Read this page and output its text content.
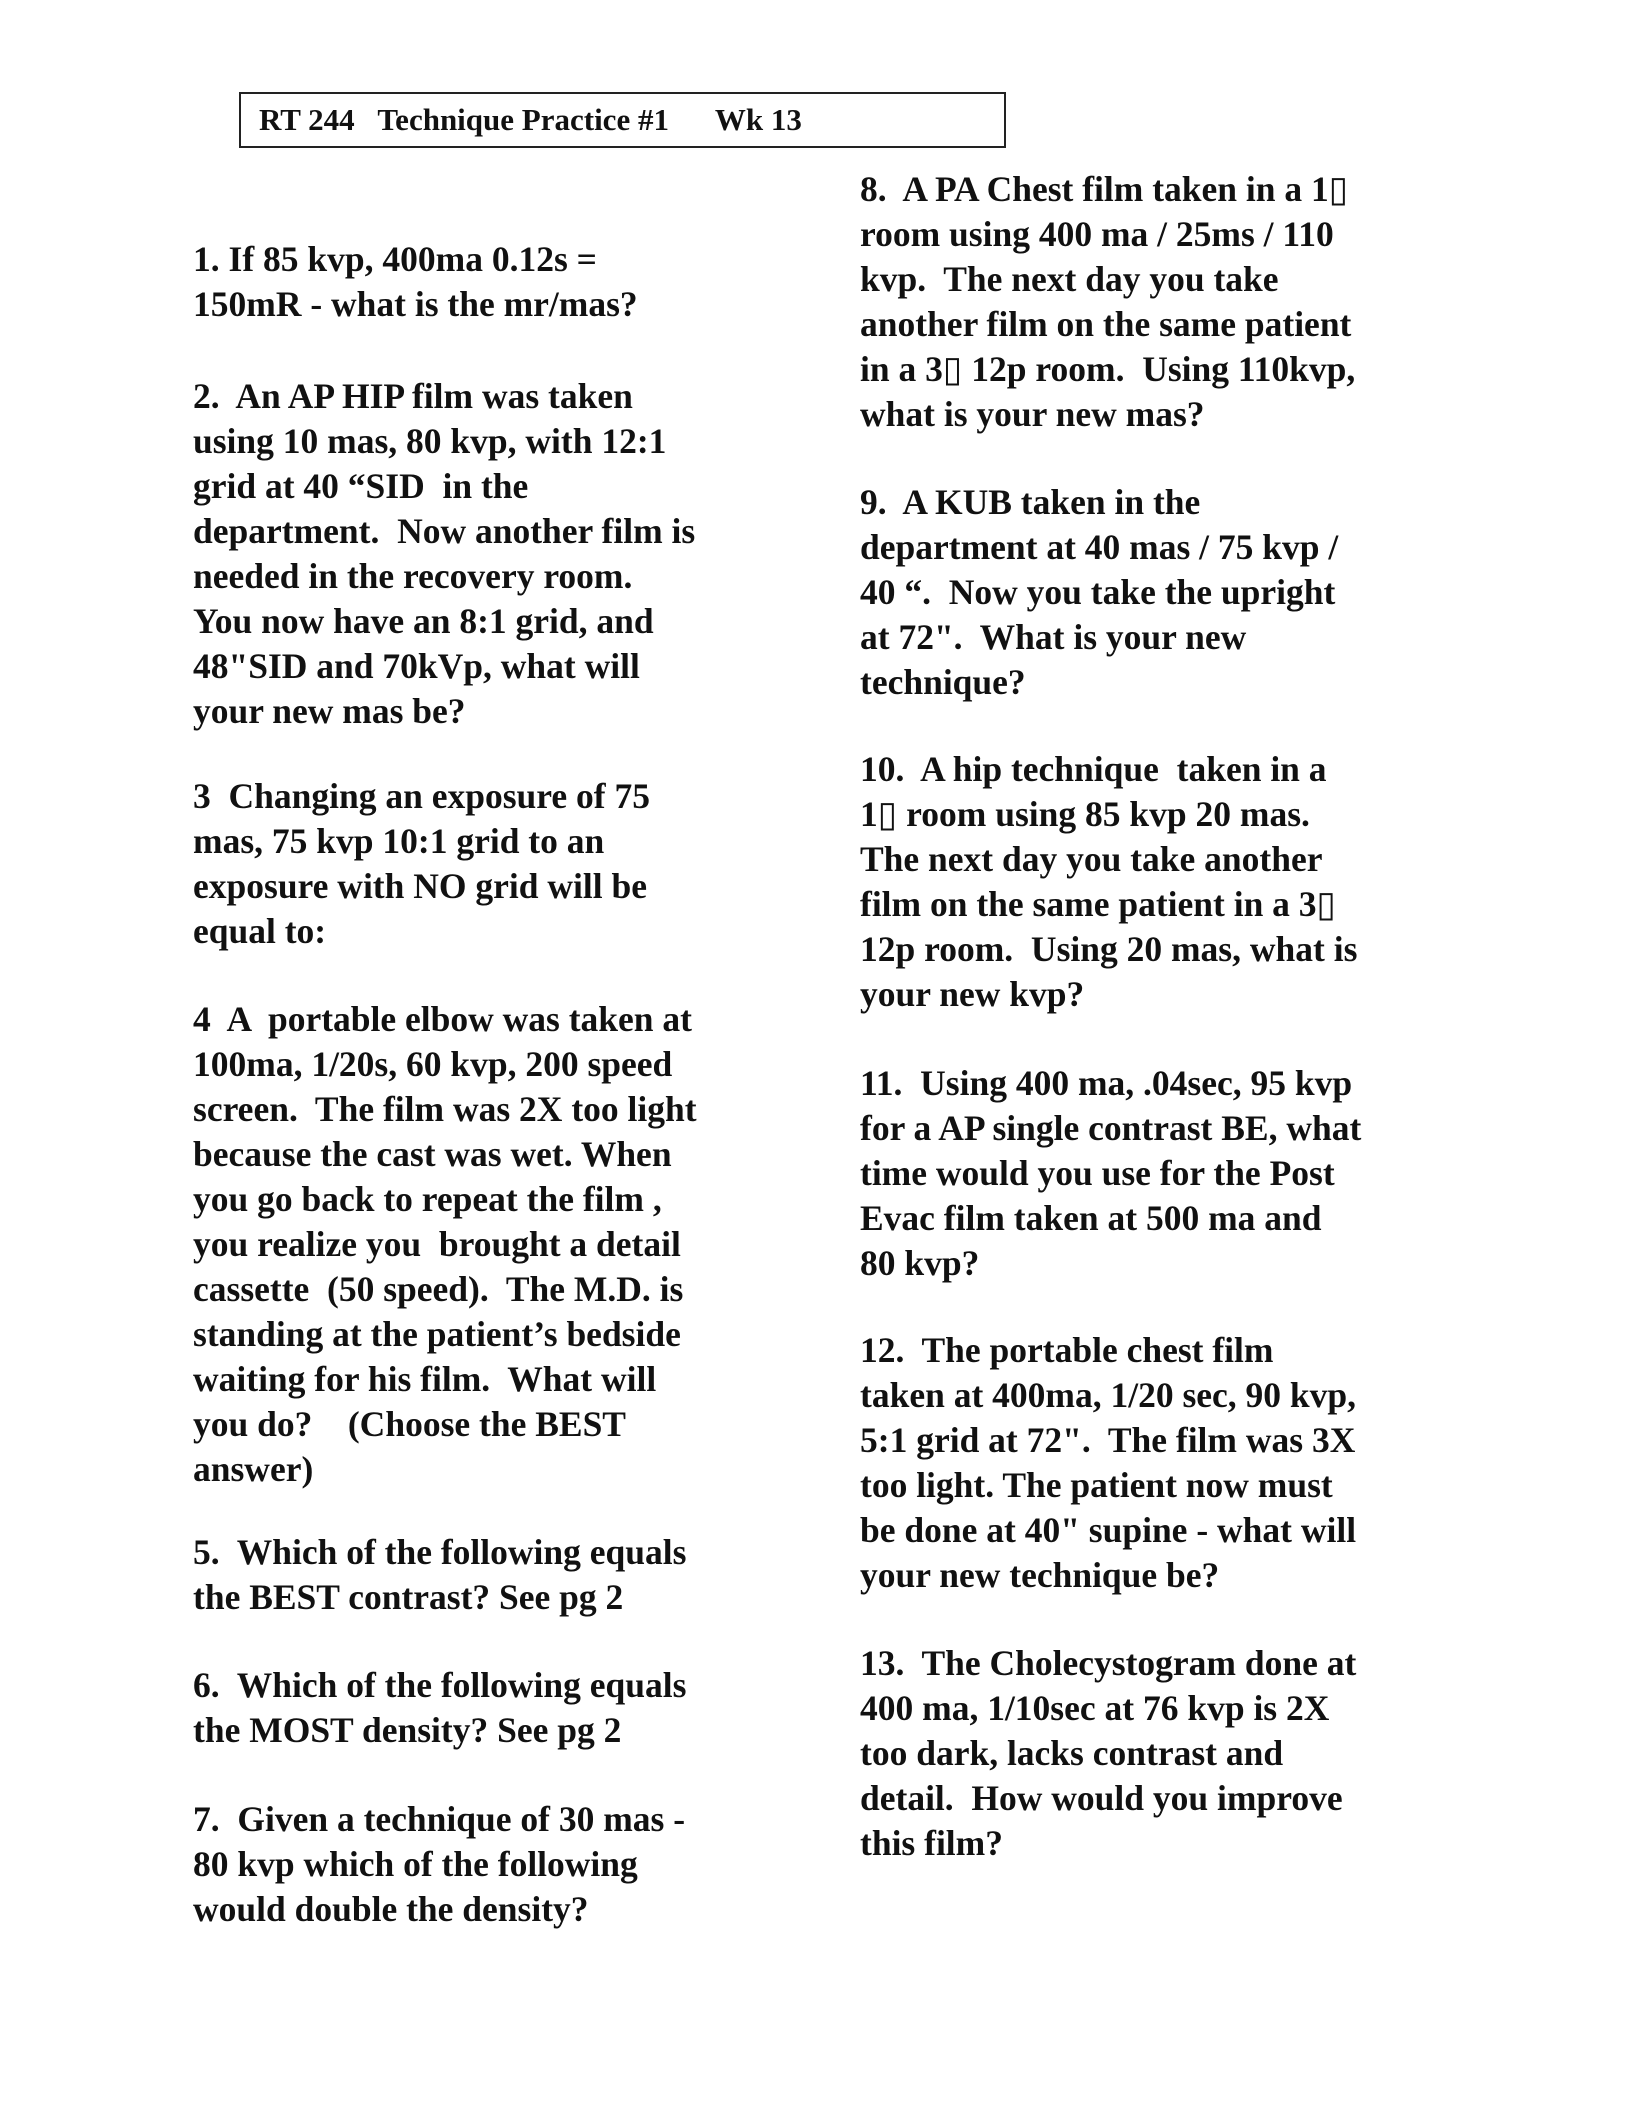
RT 244   Technique Practice #1      Wk 13
1. If 85 kvp, 400ma 0.12s =
150mR - what is the mr/mas?
2.  An AP HIP film was taken
using 10 mas, 80 kvp, with 12:1
grid at 40 “SID  in the
department.  Now another film is
needed in the recovery room.
You now have an 8:1 grid, and
48"SID and 70kVp, what will
your new mas be?
3  Changing an exposure of 75
mas, 75 kvp 10:1 grid to an
exposure with NO grid will be
equal to:
4  A  portable elbow was taken at
100ma, 1/20s, 60 kvp, 200 speed
screen.  The film was 2X too light
because the cast was wet. When
you go back to repeat the film ,
you realize you  brought a detail
cassette  (50 speed).  The M.D. is
standing at the patient’s bedside
waiting for his film.  What will
you do?    (Choose the BEST
answer)
5.  Which of the following equals
the BEST contrast? See pg 2
6.  Which of the following equals
the MOST density? See pg 2
7.  Given a technique of 30 mas -
80 kvp which of the following
would double the density?
8.  A PA Chest film taken in a 1▯
room using 400 ma / 25ms / 110
kvp.  The next day you take
another film on the same patient
in a 3▯ 12p room.  Using 110kvp,
what is your new mas?
9.  A KUB taken in the
department at 40 mas / 75 kvp /
40 “.  Now you take the upright
at 72".  What is your new
technique?
10.  A hip technique  taken in a
1▯ room using 85 kvp 20 mas.
The next day you take another
film on the same patient in a 3▯
12p room.  Using 20 mas, what is
your new kvp?
11.  Using 400 ma, .04sec, 95 kvp
for a AP single contrast BE, what
time would you use for the Post
Evac film taken at 500 ma and
80 kvp?
12.  The portable chest film
taken at 400ma, 1/20 sec, 90 kvp,
5:1 grid at 72".  The film was 3X
too light. The patient now must
be done at 40" supine - what will
your new technique be?
13.  The Cholecystogram done at
400 ma, 1/10sec at 76 kvp is 2X
too dark, lacks contrast and
detail.  How would you improve
this film?
